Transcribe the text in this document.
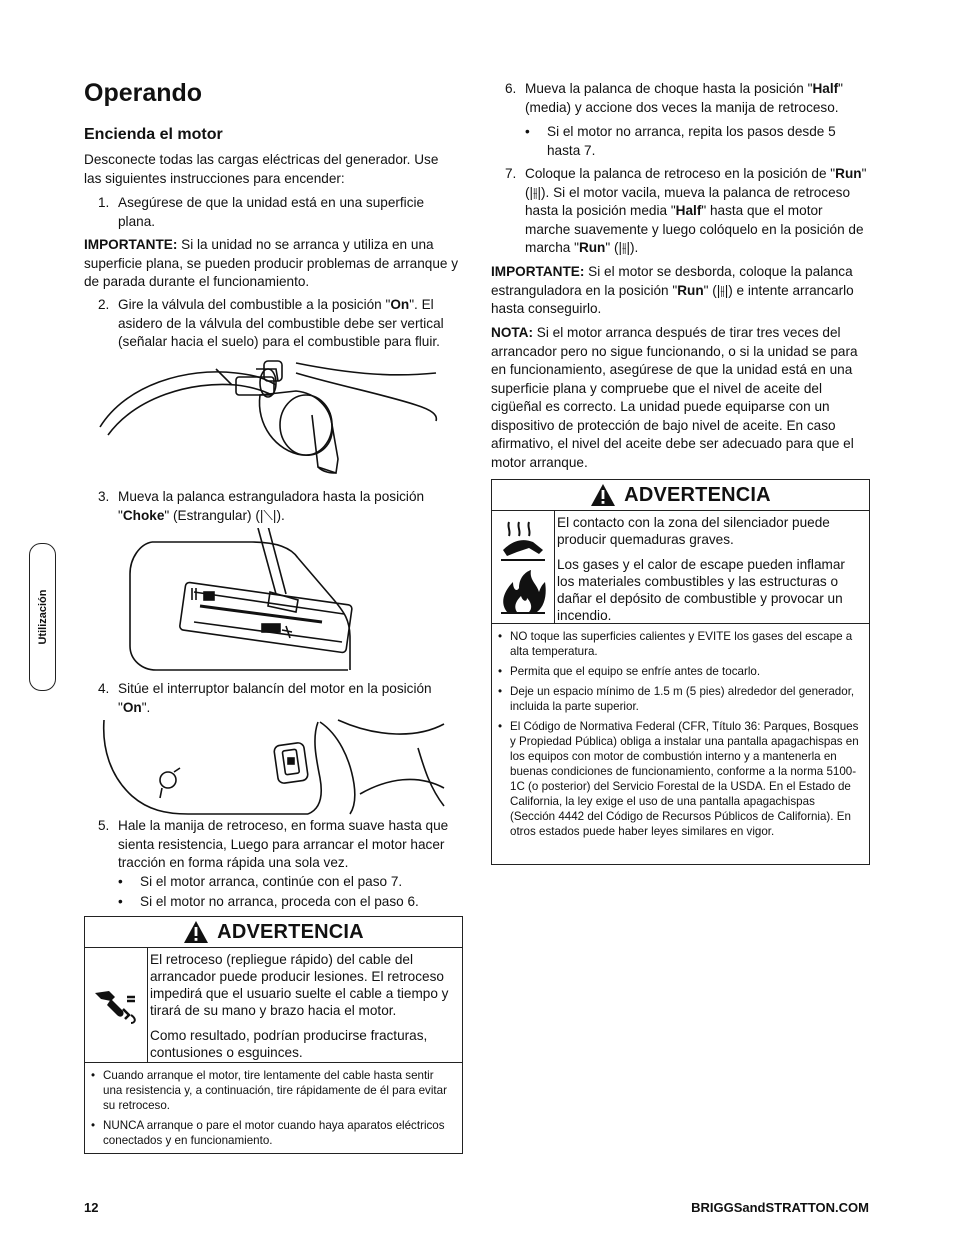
Utilización
Operando
Encienda el motor

Desconecte todas las cargas eléctricas del generador. Use las siguientes instrucciones para encender:

1. Asegúrese de que la unidad está en una superficie plana.

IMPORTANTE: Si la unidad no se arranca y utiliza en una superficie plana, se pueden producir problemas de arranque y de parada durante el funcionamiento.

2. Gire la válvula del combustible a la posición "On". El asidero de la válvula del combustible debe ser vertical (señalar hacia el suelo) para el combustible para fluir.
3. Mueva la palanca estranguladora hasta la posición "Choke" (Estrangular) (|⟍|).
4. Sitúe el interruptor balancín del motor en la posición "On".
5. Hale la manija de retroceso, en forma suave hasta que sienta resistencia, Luego para arrancar el motor hacer tracción en forma rápida una sola vez.
• Si el motor arranca, continúe con el paso 7.
• Si el motor no arranca, proceda con el paso 6.
ADVERTENCIA

El retroceso (repliegue rápido) del cable del arrancador puede producir lesiones. El retroceso impedirá que el usuario suelte el cable a tiempo y tirará de su mano y brazo hacia el motor.

Como resultado, podrían producirse fracturas, contusiones o esguinces.

• Cuando arranque el motor, tire lentamente del cable hasta sentir una resistencia y, a continuación, tire rápidamente de él para evitar su retroceso.
• NUNCA arranque o pare el motor cuando haya aparatos eléctricos conectados y en funcionamiento.
6. Mueva la palanca de choque hasta la posición "Half" (media) y accione dos veces la manija de retroceso.
• Si el motor no arranca, repita los pasos desde 5 hasta 7.
7. Coloque la palanca de retroceso en la posición de "Run" (|⫲|). Si el motor vacila, mueva la palanca de retroceso hasta la posición media "Half" hasta que el motor marche suavemente y luego colóquelo en la posición de marcha "Run" (|⫲|).

IMPORTANTE: Si el motor se desborda, coloque la palanca estranguladora en la posición "Run" (|⫲|) e intente arrancarlo hasta conseguirlo.

NOTA: Si el motor arranca después de tirar tres veces del arrancador pero no sigue funcionando, o si la unidad se para en funcionamiento, asegúrese de que la unidad está en una superficie plana y compruebe que el nivel de aceite del cigüeñal es correcto. La unidad puede equiparse con un dispositivo de protección de bajo nivel de aceite. En caso afirmativo, el nivel del aceite debe ser adecuado para que el motor arranque.

ADVERTENCIA

El contacto con la zona del silenciador puede producir quemaduras graves.

Los gases y el calor de escape pueden inflamar los materiales combustibles y las estructuras o dañar el depósito de combustible y provocar un incendio.

• NO toque las superficies calientes y EVITE los gases del escape a alta temperatura.
• Permita que el equipo se enfríe antes de tocarlo.
• Deje un espacio mínimo de 1.5 m (5 pies) alrededor del generador, incluida la parte superior.
• El Código de Normativa Federal (CFR, Título 36: Parques, Bosques y Propiedad Pública) obliga a instalar una pantalla apagachispas en los equipos con motor de combustión interno y a mantenerla en buenas condiciones de funcionamiento, conforme a la norma 5100-1C (o posterior) del Servicio Forestal de la USDA. En el Estado de California, la ley exige el uso de una pantalla apagachispas (Sección 4442 del Código de Recursos Públicos de California). En otros estados puede haber leyes similares en vigor.
12	BRIGGSandSTRATTON.COM
